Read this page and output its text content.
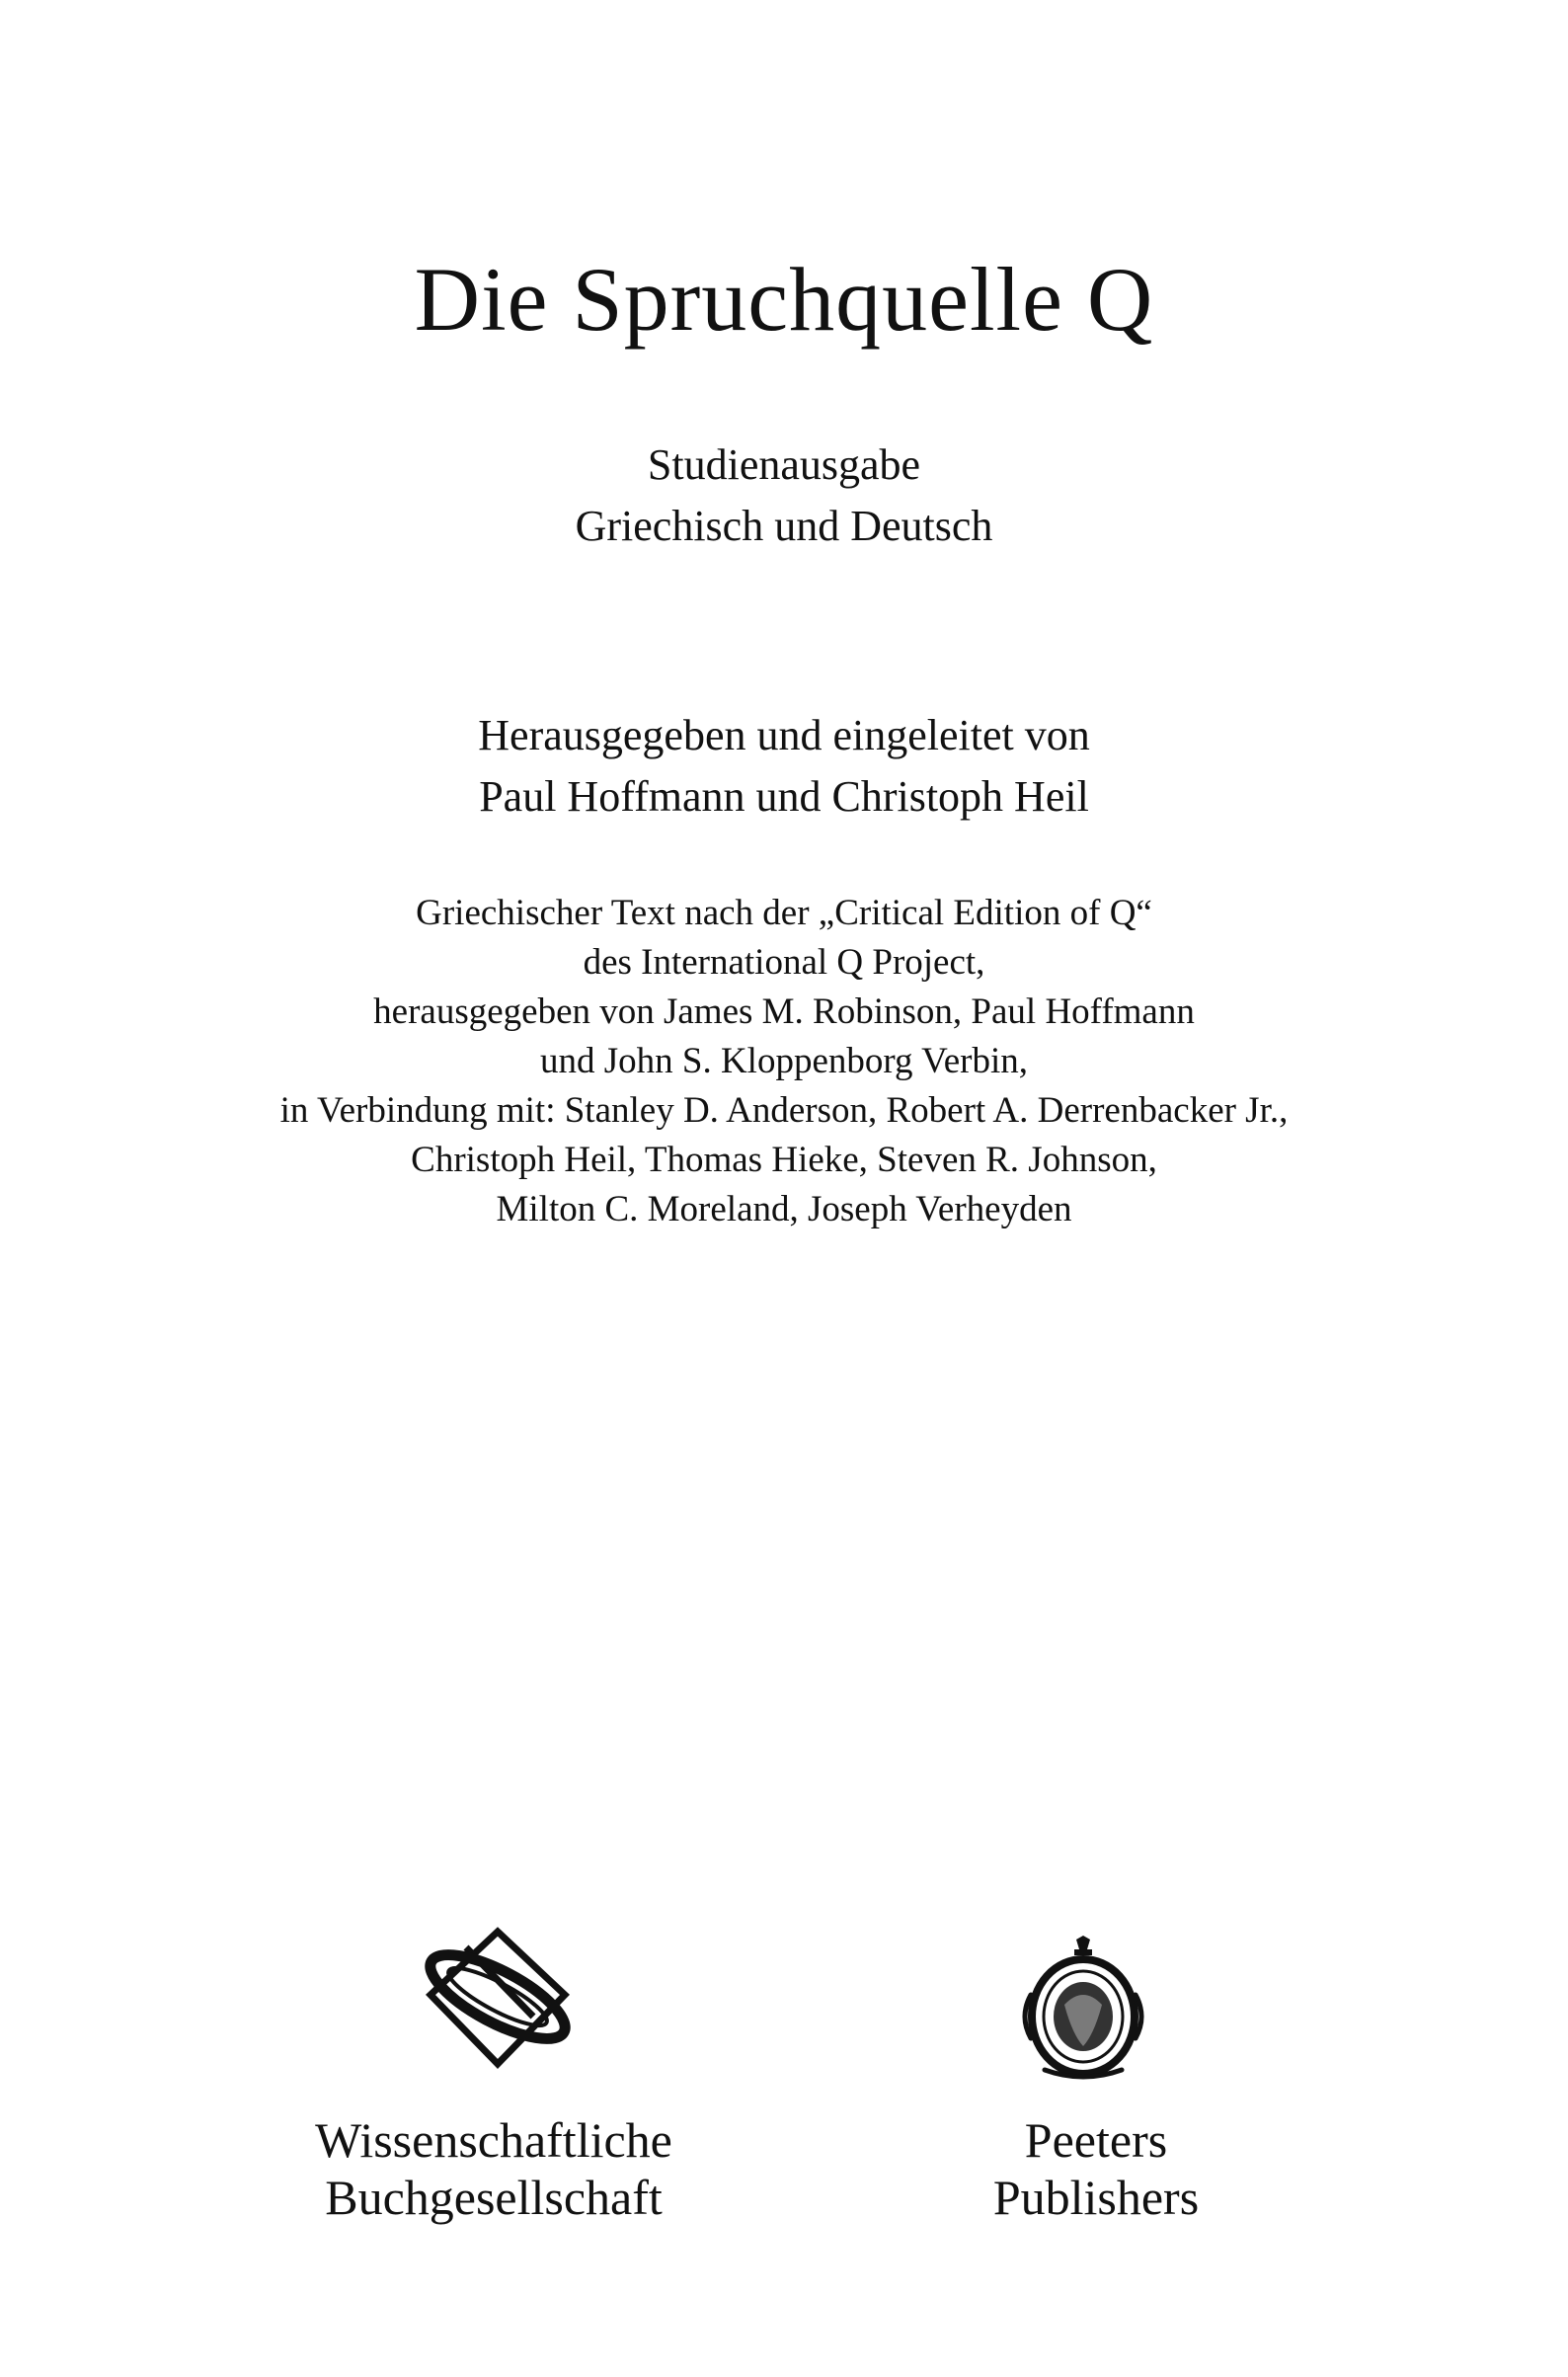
Die Spruchquelle Q
Studienausgabe
Griechisch und Deutsch
Herausgegeben und eingeleitet von
Paul Hoffmann und Christoph Heil
Griechischer Text nach der „Critical Edition of Q“
des International Q Project,
herausgegeben von James M. Robinson, Paul Hoffmann
und John S. Kloppenborg Verbin,
in Verbindung mit: Stanley D. Anderson, Robert A. Derrenbacker Jr.,
Christoph Heil, Thomas Hieke, Steven R. Johnson,
Milton C. Moreland, Joseph Verheyden
Wissenschaftliche
Buchgesellschaft
Peeters
Publishers
